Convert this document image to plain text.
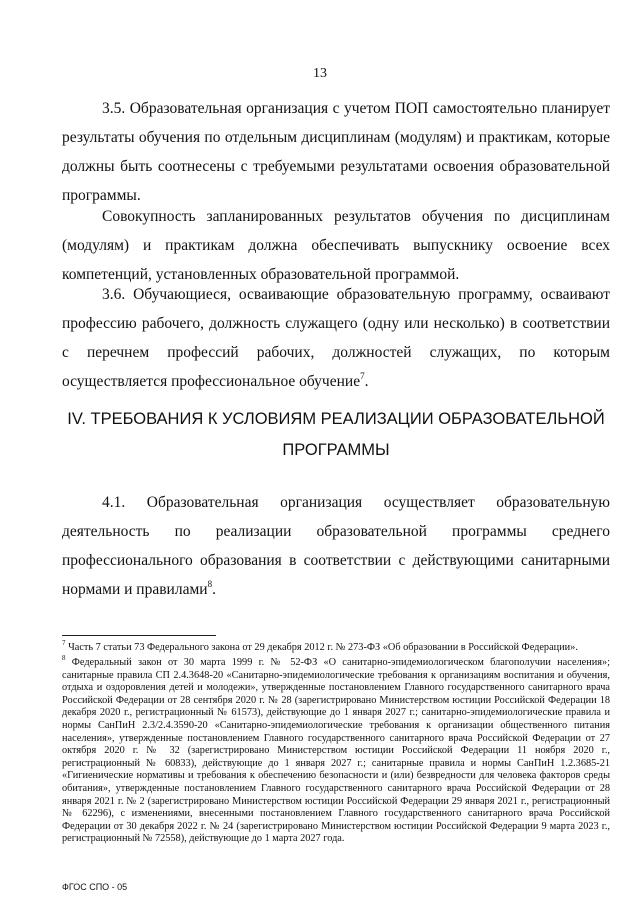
13

3.5. Образовательная организация с учетом ПОП самостоятельно планирует результаты обучения по отдельным дисциплинам (модулям) и практикам, которые должны быть соотнесены с требуемыми результатами освоения образовательной программы.

Совокупность запланированных результатов обучения по дисциплинам (модулям) и практикам должна обеспечивать выпускнику освоение всех компетенций, установленных образовательной программой.

3.6. Обучающиеся, осваивающие образовательную программу, осваивают профессию рабочего, должность служащего (одну или несколько) в соответствии с перечнем профессий рабочих, должностей служащих, по которым осуществляется профессиональное обучение$^7$.

IV. ТРЕБОВАНИЯ К УСЛОВИЯМ РЕАЛИЗАЦИИ ОБРАЗОВАТЕЛЬНОЙ
ПРОГРАММЫ

4.1. Образовательная организация осуществляет образовательную деятельность по реализации образовательной программы среднего профессионального образования в соответствии с действующими санитарными нормами и правилами$^8$.

$^7$ Часть 7 статьи 73 Федерального закона от 29 декабря 2012 г. № 273-ФЗ «Об образовании в Российской Федерации».
$^8$ Федеральный закон от 30 марта 1999 г. № 52-ФЗ «О санитарно-эпидемиологическом благополучии населения»; санитарные правила СП 2.4.3648-20 «Санитарно-эпидемиологические требования к организациям воспитания и обучения, отдыха и оздоровления детей и молодежи», утвержденные постановлением Главного государственного санитарного врача Российской Федерации от 28 сентября 2020 г. № 28 (зарегистрировано Министерством юстиции Российской Федерации 18 декабря 2020 г., регистрационный № 61573), действующие до 1 января 2027 г.; санитарно-эпидемиологические правила и нормы СанПиН 2.3/2.4.3590-20 «Санитарно-эпидемиологические требования к организации общественного питания населения», утвержденные постановлением Главного государственного санитарного врача Российской Федерации от 27 октября 2020 г. № 32 (зарегистрировано Министерством юстиции Российской Федерации 11 ноября 2020 г., регистрационный № 60833), действующие до 1 января 2027 г.; санитарные правила и нормы СанПиН 1.2.3685-21 «Гигиенические нормативы и требования к обеспечению безопасности и (или) безвредности для человека факторов среды обитания», утвержденные постановлением Главного государственного санитарного врача Российской Федерации от 28 января 2021 г. № 2 (зарегистрировано Министерством юстиции Российской Федерации 29 января 2021 г., регистрационный № 62296), с изменениями, внесенными постановлением Главного государственного санитарного врача Российской Федерации от 30 декабря 2022 г. № 24 (зарегистрировано Министерством юстиции Российской Федерации 9 марта 2023 г., регистрационный № 72558), действующие до 1 марта 2027 года.
ФГОС СПО - 05
